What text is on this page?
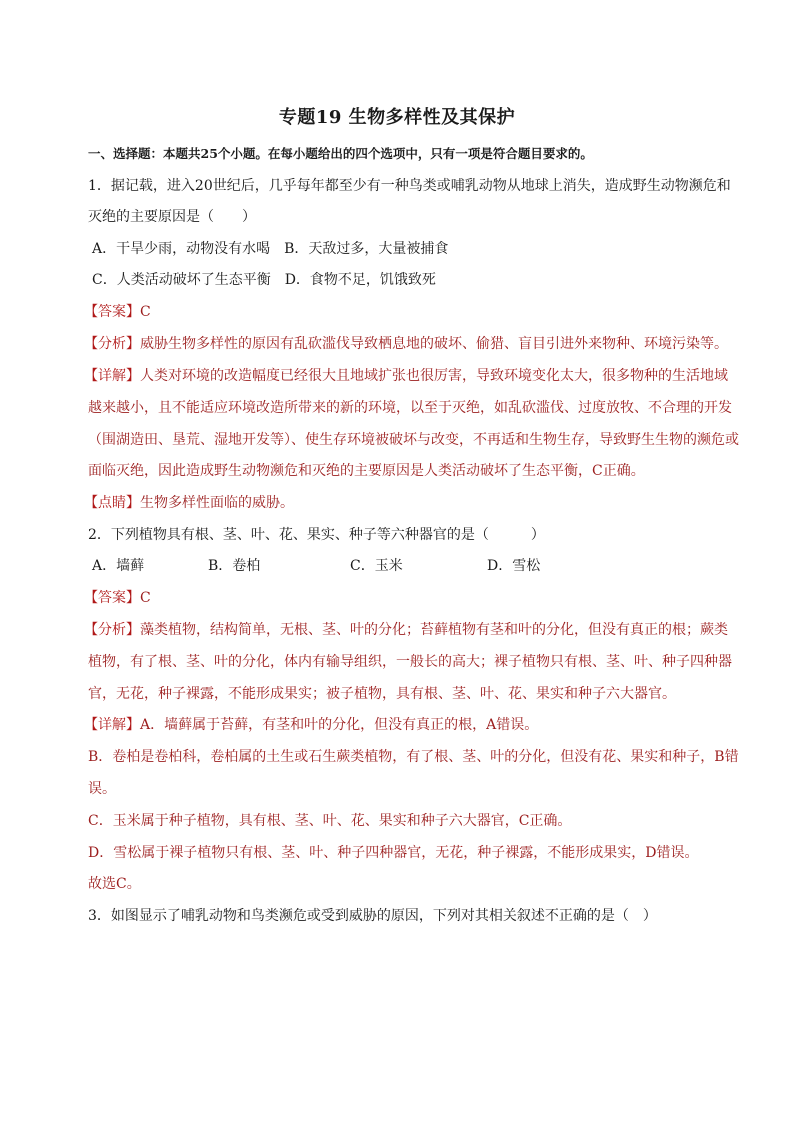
专题19 生物多样性及其保护
一、选择题：本题共25个小题。在每小题给出的四个选项中，只有一项是符合题目要求的。
1．据记载，进入20世纪后，几乎每年都至少有一种鸟类或哺乳动物从地球上消失，造成野生动物濒危和
灭绝的主要原因是（　　）
A．干旱少雨，动物没有水喝　B．天敌过多，大量被捕食
C．人类活动破坏了生态平衡　D．食物不足，饥饿致死
【答案】C
【分析】威胁生物多样性的原因有乱砍滥伐导致栖息地的破坏、偷猎、盲目引进外来物种、环境污染等。
【详解】人类对环境的改造幅度已经很大且地域扩张也很厉害，导致环境变化太大，很多物种的生活地域
越来越小，且不能适应环境改造所带来的新的环境，以至于灭绝，如乱砍滥伐、过度放牧、不合理的开发
（围湖造田、垦荒、湿地开发等）、使生存环境被破坏与改变，不再适和生物生存，导致野生生物的濒危或
面临灭绝，因此造成野生动物濒危和灭绝的主要原因是人类活动破坏了生态平衡，C正确。
【点睛】生物多样性面临的威胁。
2．下列植物具有根、茎、叶、花、果实、种子等六种器官的是（　　　）
A．墙藓	B．卷柏	C．玉米	D．雪松
【答案】C
【分析】藻类植物，结构简单，无根、茎、叶的分化；苔藓植物有茎和叶的分化，但没有真正的根；蕨类
植物，有了根、茎、叶的分化，体内有输导组织，一般长的高大；裸子植物只有根、茎、叶、种子四种器
官，无花，种子裸露，不能形成果实；被子植物，具有根、茎、叶、花、果实和种子六大器官。
【详解】A．墙藓属于苔藓，有茎和叶的分化，但没有真正的根，A错误。
B．卷柏是卷柏科，卷柏属的土生或石生蕨类植物，有了根、茎、叶的分化，但没有花、果实和种子，B错
误。
C．玉米属于种子植物，具有根、茎、叶、花、果实和种子六大器官，C正确。
D．雪松属于裸子植物只有根、茎、叶、种子四种器官，无花，种子裸露，不能形成果实，D错误。
故选C。
3．如图显示了哺乳动物和鸟类濒危或受到威胁的原因，下列对其相关叙述不正确的是（　）
